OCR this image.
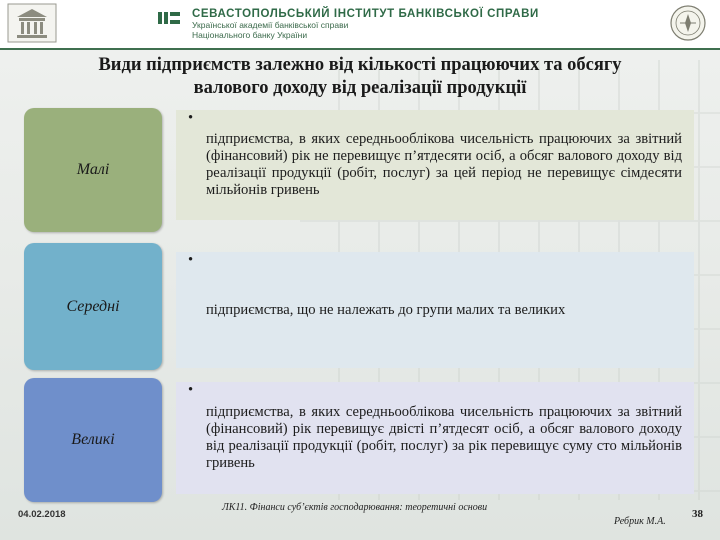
СЕВАСТОПОЛЬСЬКИЙ ІНСТИТУТ БАНКІВСЬКОЇ СПРАВИ
Української академії банківської справи
Національного банку України
Види підприємств залежно від кількості працюючих та обсягу
валового доходу від реалізації продукції
Малі
•
підприємства, в яких середньооблікова чисельність працюючих за звітний (фінансовий) рік не перевищує п’ятдесяти осіб, а обсяг валового доходу від реалізації продукції (робіт, послуг) за цей період не перевищує сімдесяти мільйонів гривень
Середні
•
підприємства, що не належать до групи малих та великих
Великі
•
підприємства, в яких середньооблікова чисельність працюючих за звітний (фінансовий) рік перевищує двісті п’ятдесят осіб, а обсяг валового доходу від реалізації продукції (робіт, послуг) за рік перевищує суму сто мільйонів гривень
04.02.2018
ЛК11. Фінанси суб’єктів господарювання: теоретичні основи
Ребрик М.А.
38
